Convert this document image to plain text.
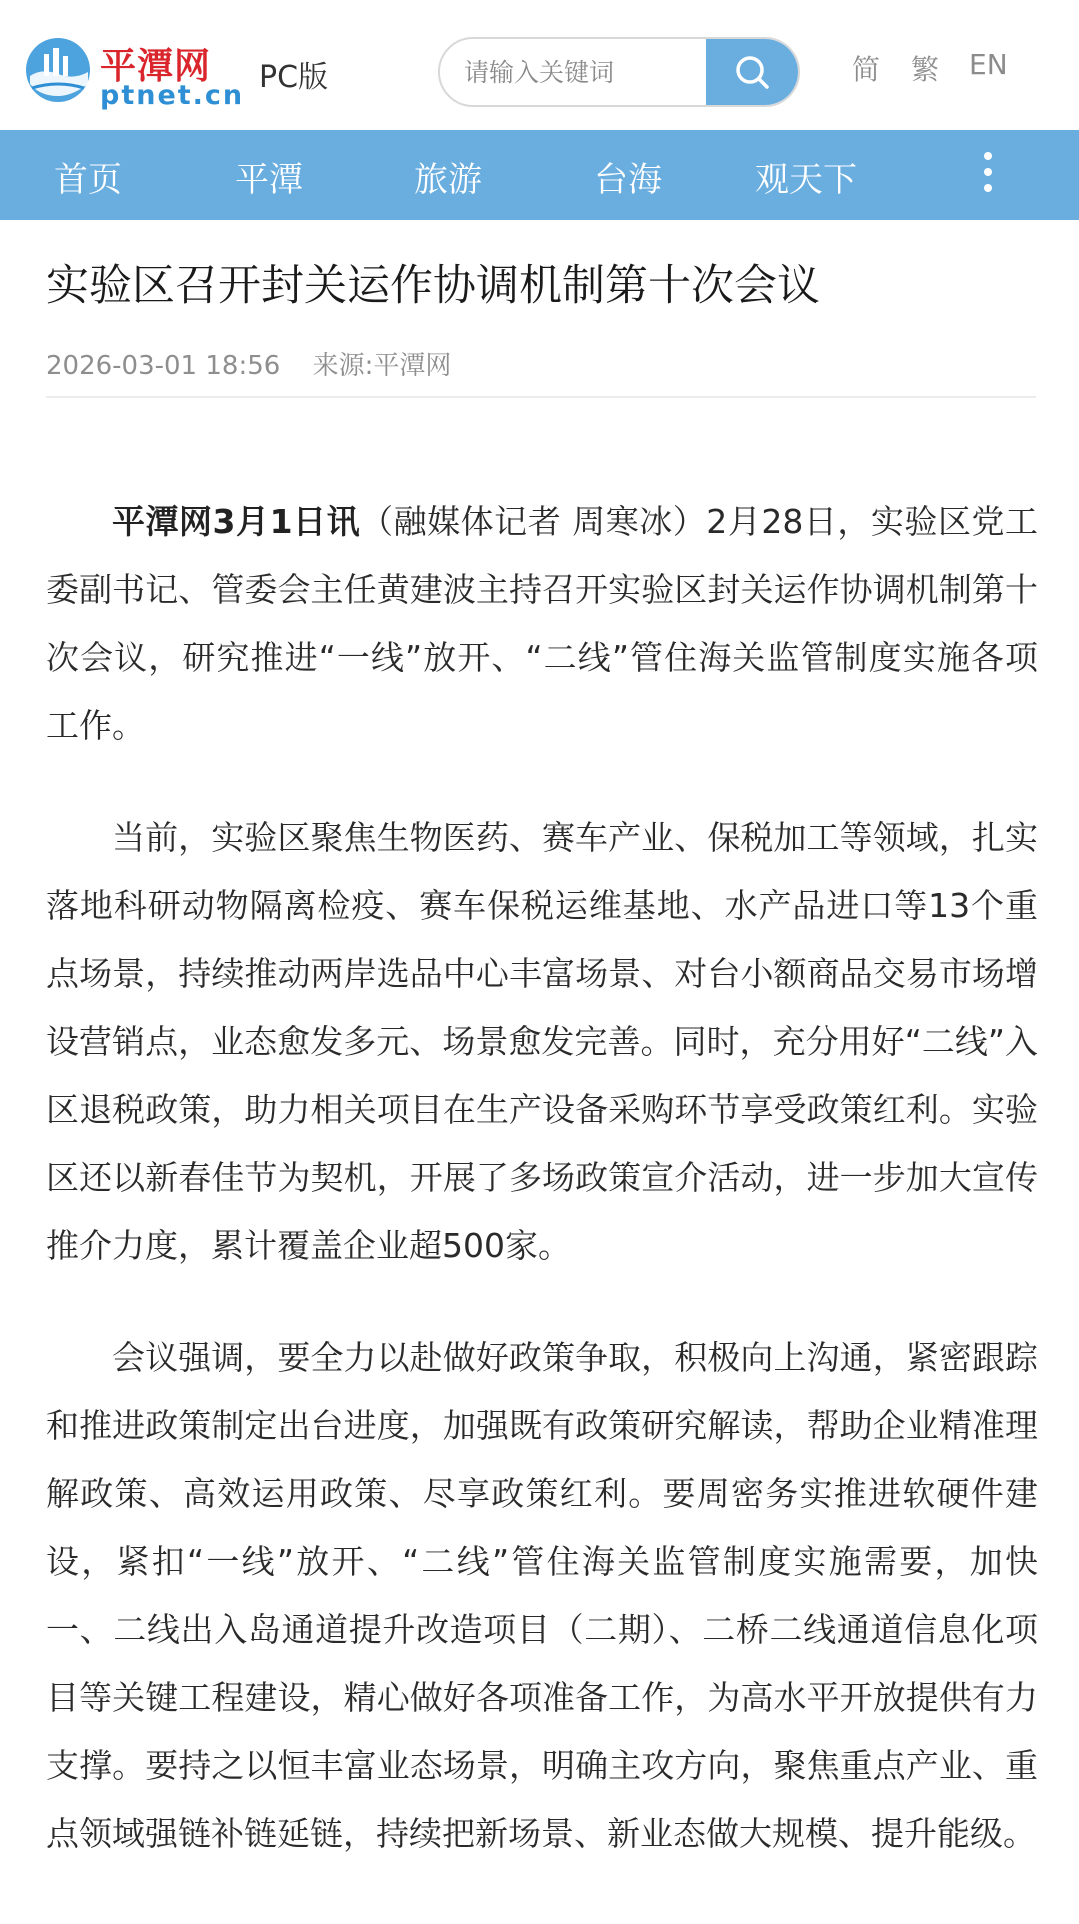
平潭网
ptnet.cn
PC版
请输入关键词	简 繁 EN
首页	平潭	旅游	台海	观天下
实验区召开封关运作协调机制第十次会议
2026-03-01 18:56 来源:平潭网

平潭网3月1日讯（融媒体记者 周寒冰）2月28日，实验区党工委副书记、管委会主任黄建波主持召开实验区封关运作协调机制第十次会议，研究推进“一线”放开、“二线”管住海关监管制度实施各项工作。

当前，实验区聚焦生物医药、赛车产业、保税加工等领域，扎实落地科研动物隔离检疫、赛车保税运维基地、水产品进口等13个重点场景，持续推动两岸选品中心丰富场景、对台小额商品交易市场增设营销点，业态愈发多元、场景愈发完善。同时，充分用好“二线”入区退税政策，助力相关项目在生产设备采购环节享受政策红利。实验区还以新春佳节为契机，开展了多场政策宣介活动，进一步加大宣传推介力度，累计覆盖企业超500家。

会议强调，要全力以赴做好政策争取，积极向上沟通，紧密跟踪和推进政策制定出台进度，加强既有政策研究解读，帮助企业精准理解政策、高效运用政策、尽享政策红利。要周密务实推进软硬件建设，紧扣“一线”放开、“二线”管住海关监管制度实施需要，加快一、二线出入岛通道提升改造项目（二期）、二桥二线通道信息化项目等关键工程建设，精心做好各项准备工作，为高水平开放提供有力支撑。要持之以恒丰富业态场景，明确主攻方向，聚焦重点产业、重点领域强链补链延链，持续把新场景、新业态做大规模、提升能级。
